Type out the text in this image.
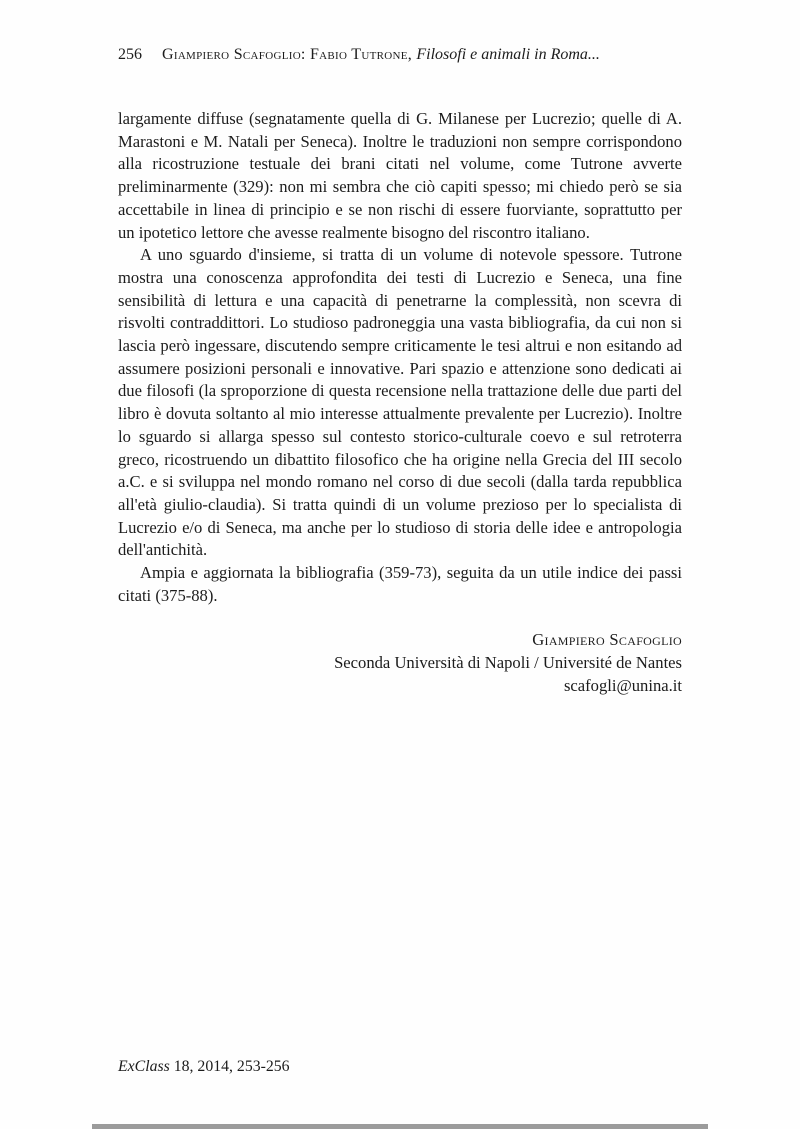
256 Giampiero Scafoglio: Fabio Tutrone, Filosofi e animali in Roma...

largamente diffuse (segnatamente quella di G. Milanese per Lucrezio; quelle di A. Marastoni e M. Natali per Seneca). Inoltre le traduzioni non sempre corrispondono alla ricostruzione testuale dei brani citati nel volume, come Tutrone avverte preliminarmente (329): non mi sembra che ciò capiti spesso; mi chiedo però se sia accettabile in linea di principio e se non rischi di essere fuorviante, soprattutto per un ipotetico lettore che avesse realmente bisogno del riscontro italiano.

A uno sguardo d'insieme, si tratta di un volume di notevole spessore. Tutrone mostra una conoscenza approfondita dei testi di Lucrezio e Seneca, una fine sensibilità di lettura e una capacità di penetrarne la complessità, non scevra di risvolti contraddittori. Lo studioso padroneggia una vasta bibliografia, da cui non si lascia però ingessare, discutendo sempre criticamente le tesi altrui e non esitando ad assumere posizioni personali e innovative. Pari spazio e attenzione sono dedicati ai due filosofi (la sproporzione di questa recensione nella trattazione delle due parti del libro è dovuta soltanto al mio interesse attualmente prevalente per Lucrezio). Inoltre lo sguardo si allarga spesso sul contesto storico-culturale coevo e sul retroterra greco, ricostruendo un dibattito filosofico che ha origine nella Grecia del III secolo a.C. e si sviluppa nel mondo romano nel corso di due secoli (dalla tarda repubblica all'età giulio-claudia). Si tratta quindi di un volume prezioso per lo specialista di Lucrezio e/o di Seneca, ma anche per lo studioso di storia delle idee e antropologia dell'antichità.

Ampia e aggiornata la bibliografia (359-73), seguita da un utile indice dei passi citati (375-88).

Giampiero Scafoglio
Seconda Università di Napoli / Université de Nantes
scafogli@unina.it
ExClass 18, 2014, 253-256
